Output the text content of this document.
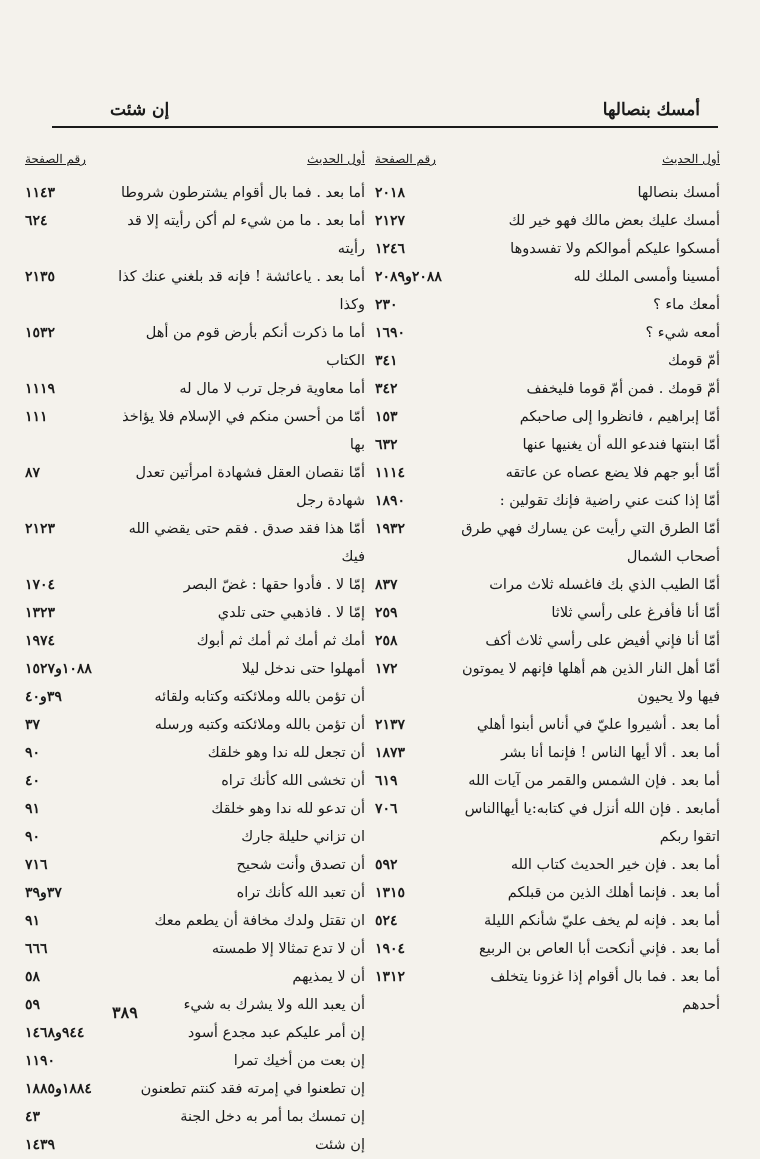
أمسك بنصالها
إن شئت
أول الحديث
رقم الصفحة
أمسك بنصالها
٢٠١٨
أمسك عليك بعض مالك فهو خير لك
٢١٢٧
أمسكوا عليكم أموالكم ولا تفسدوها
١٢٤٦
أمسينا وأمسى الملك لله
٢٠٨٨و٢٠٨٩
أمعك ماء ؟
٢٣٠
أمعه شيء ؟
١٦٩٠
أمّ قومك
٣٤١
أمّ قومك . فمن أمّ قوما فليخفف
٣٤٢
أمّا إبراهيم ، فانظروا إلى صاحبكم
١٥٣
أمّا ابنتها فندعو الله أن يغنيها عنها
٦٣٢
أمّا أبو جهم فلا يضع عصاه عن عاتقه
١١١٤
أمّا إذا كنت عني راضية فإنك تقولين :
١٨٩٠
أمّا الطرق التي رأيت عن يسارك فهي طرق أصحاب الشمال
١٩٣٢
أمّا الطيب الذي بك فاغسله ثلاث مرات
٨٣٧
أمّا أنا فأفرغ على رأسي ثلاثا
٢٥٩
أمّا أنا فإني أفيض على رأسي ثلاث أكف
٢٥٨
أمّا أهل النار الذين هم أهلها فإنهم لا يموتون فيها ولا يحيون
١٧٢
أما بعد . أشيروا عليّ في أناس أبنوا أهلي
٢١٣٧
أما بعد . ألا أيها الناس ! فإنما أنا بشر
١٨٧٣
أما بعد . فإن الشمس والقمر من آيات الله
٦١٩
أمابعد . فإن الله أنزل في كتابه:يا أيهاالناس اتقوا ربكم
٧٠٦
أما بعد . فإن خير الحديث كتاب الله
٥٩٢
أما بعد . فإنما أهلك الذين من قبلكم
١٣١٥
أما بعد . فإنه لم يخف عليّ شأنكم الليلة
٥٢٤
أما بعد . فإني أنكحت أبا العاص بن الربيع
١٩٠٤
أما بعد . فما بال أقوام إذا غزونا يتخلف أحدهم
١٣١٢
أول الحديث
رقم الصفحة
أما بعد . فما بال أقوام يشترطون شروطا
١١٤٣
أما بعد . ما من شيء لم أكن رأيته إلا قد رأيته
٦٢٤
أما بعد . ياعائشة ! فإنه قد بلغني عنك كذا وكذا
٢١٣٥
أما ما ذكرت أنكم بأرض قوم من أهل الكتاب
١٥٣٢
أما معاوية فرجل ترب لا مال له
١١١٩
أمّا من أحسن منكم في الإسلام فلا يؤاخذ بها
١١١
أمّا نقصان العقل فشهادة امرأتين تعدل شهادة رجل
٨٧
أمّا هذا فقد صدق . فقم حتى يقضي الله فيك
٢١٢٣
إمّا لا . فأدوا حقها : غضّ البصر
١٧٠٤
إمّا لا . فاذهبي حتى تلدي
١٣٢٣
أمك ثم أمك ثم أمك ثم أبوك
١٩٧٤
أمهلوا حتى ندخل ليلا
١٠٨٨و١٥٢٧
أن تؤمن بالله وملائكته وكتابه ولقائه
٣٩و٤٠
أن تؤمن بالله وملائكته وكتبه ورسله
٣٧
أن تجعل لله ندا وهو خلقك
٩٠
أن تخشى الله كأنك تراه
٤٠
أن تدعو لله ندا وهو خلقك
٩١
ان تزاني حليلة جارك
٩٠
أن تصدق وأنت شحيح
٧١٦
أن تعبد الله كأنك تراه
٣٧و٣٩
ان تقتل ولدك مخافة أن يطعم معك
٩١
أن لا تدع تمثالا إلا طمسته
٦٦٦
أن لا يمذيهم
٥٨
أن يعبد الله ولا يشرك به شيء
٥٩
إن أمر عليكم عبد مجدع أسود
٩٤٤و١٤٦٨
إن بعت من أخيك تمرا
١١٩٠
إن تطعنوا في إمرته فقد كنتم تطعنون
١٨٨٤و١٨٨٥
إن تمسك بما أمر به دخل الجنة
٤٣
إن شئت
١٤٣٩
٣٨٩
